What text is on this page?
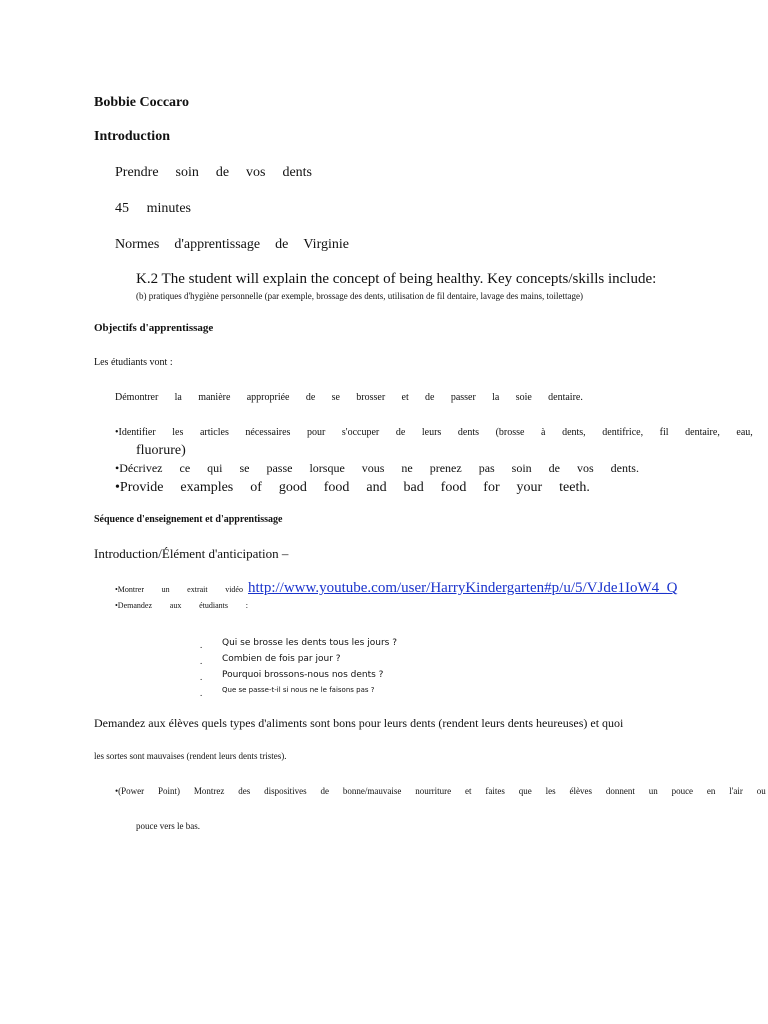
Bobbie Coccaro
Introduction
Prendre soin de vos dents
45 minutes
Normes d'apprentissage de Virginie
K.2 The student will explain the concept of being healthy. Key concepts/skills include:
(b) pratiques d'hygiène personnelle (par exemple, brossage des dents, utilisation de fil dentaire, lavage des mains, toilettage)
Objectifs d'apprentissage
Les étudiants vont :
Démontrer la manière appropriée de se brosser et de passer la soie dentaire.
•Identifier les articles nécessaires pour s'occuper de leurs dents (brosse à dents, dentifrice, fil dentaire, eau,
fluorure)
•Décrivez ce qui se passe lorsque vous ne prenez pas soin de vos dents.
•Provide examples of good food and bad food for your teeth.
Séquence d'enseignement et d'apprentissage
Introduction/Élément d'anticipation –
•Montrer un extrait vidéo http://www.youtube.com/user/HarryKindergarten#p/u/5/VJde1IoW4_Q
•Demandez aux étudiants :
. Qui se brosse les dents tous les jours ?
. Combien de fois par jour ?
. Pourquoi brossons-nous nos dents ?
.	Que se passe-t-il si nous ne le faisons pas ?
Demandez aux élèves quels types d'aliments sont bons pour leurs dents (rendent leurs dents heureuses) et quoi
les sortes sont mauvaises (rendent leurs dents tristes).
•(Power Point) Montrez des dispositives de bonne/mauvaise nourriture et faites que les élèves donnent un pouce en l'air ou
pouce vers le bas.
